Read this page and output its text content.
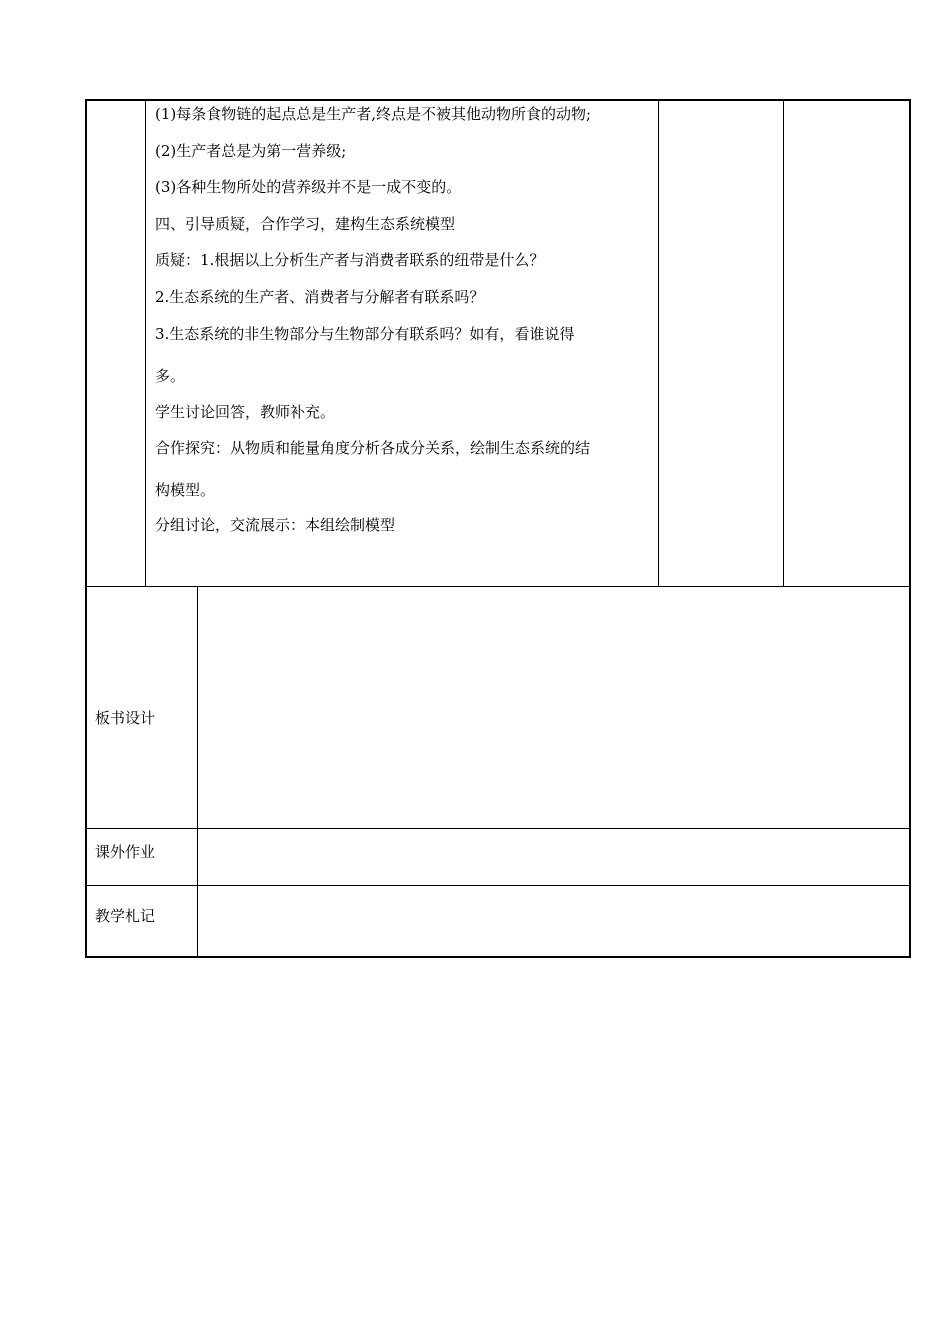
(1)每条食物链的起点总是生产者,终点是不被其他动物所食的动物;
(2)生产者总是为第一营养级;
(3)各种生物所处的营养级并不是一成不变的。
四、引导质疑，合作学习，建构生态系统模型
质疑：1.根据以上分析生产者与消费者联系的纽带是什么？
2.生态系统的生产者、消费者与分解者有联系吗？
3.生态系统的非生物部分与生物部分有联系吗？如有，看谁说得
多。
学生讨论回答，教师补充。
合作探究：从物质和能量角度分析各成分关系，绘制生态系统的结
构模型。
分组讨论，交流展示：本组绘制模型
板书设计
课外作业
教学札记
